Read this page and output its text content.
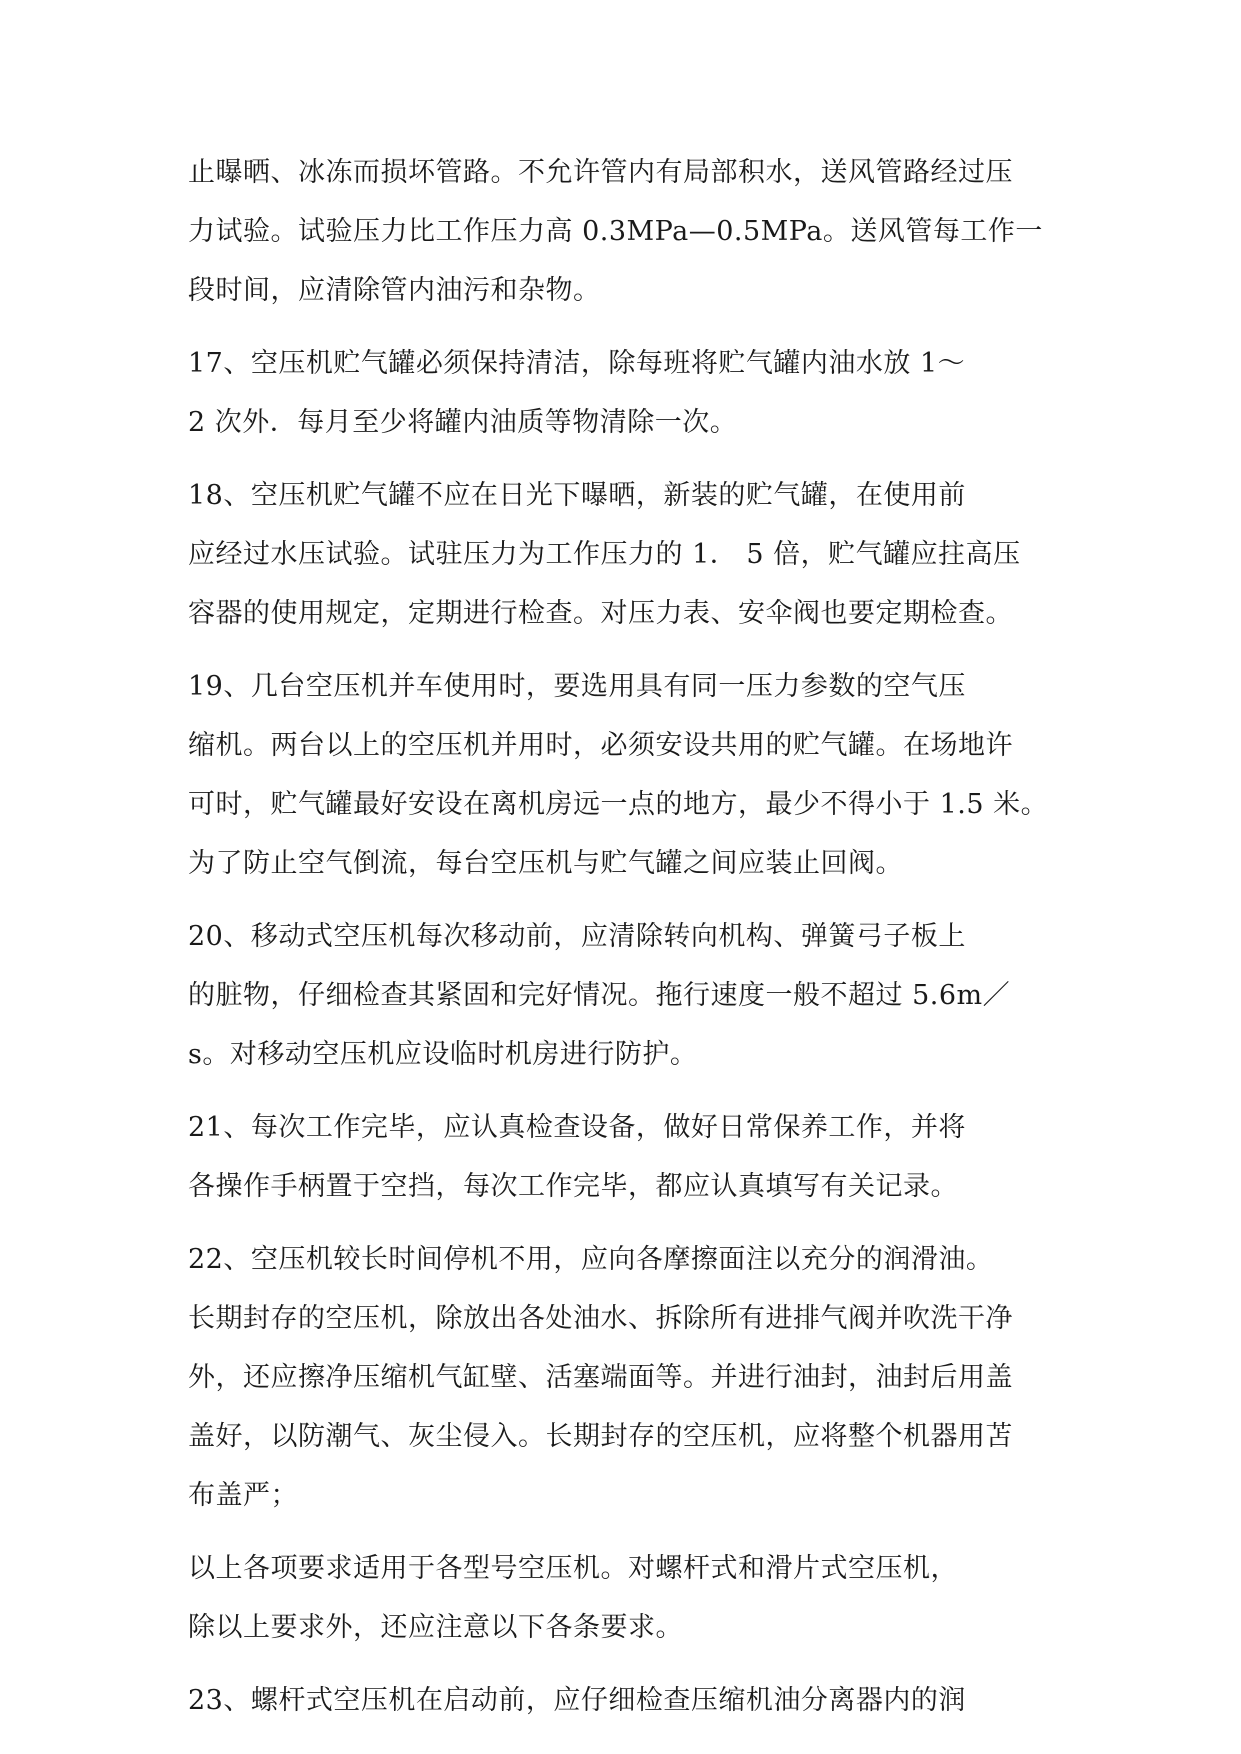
止曝晒、冰冻而损坏管路。不允许管内有局部积水，送风管路经过压
力试验。试验压力比工作压力高 0.3MPa—0.5MPa。送风管每工作一
段时间，应清除管内油污和杂物。
17、空压机贮气罐必须保持清洁，除每班将贮气罐内油水放 1～
2 次外．每月至少将罐内油质等物清除一次。
18、空压机贮气罐不应在日光下曝晒，新装的贮气罐，在使用前
应经过水压试验。试驻压力为工作压力的 1． 5 倍，贮气罐应拄高压
容器的使用规定，定期进行检查。对压力表、安伞阀也要定期检查。
19、几台空压机并车使用时，要选用具有同一压力参数的空气压
缩机。两台以上的空压机并用时，必须安设共用的贮气罐。在场地许
可时，贮气罐最好安设在离机房远一点的地方，最少不得小于 1.5 米。
为了防止空气倒流，每台空压机与贮气罐之间应装止回阀。
20、移动式空压机每次移动前，应清除转向机构、弹簧弓子板上
的脏物，仔细检查其紧固和完好情况。拖行速度一般不超过 5.6m／
s。对移动空压机应设临时机房进行防护。
21、每次工作完毕，应认真检查设备，做好日常保养工作，并将
各操作手柄置于空挡，每次工作完毕，都应认真填写有关记录。
22、空压机较长时间停机不用，应向各摩擦面注以充分的润滑油。
长期封存的空压机，除放出各处油水、拆除所有进排气阀并吹洗干净
外，还应擦净压缩机气缸壁、活塞端面等。并进行油封，油封后用盖
盖好，以防潮气、灰尘侵入。长期封存的空压机，应将整个机器用苫
布盖严；
以上各项要求适用于各型号空压机。对螺杆式和滑片式空压机，
除以上要求外，还应注意以下各条要求。
23、螺杆式空压机在启动前，应仔细检查压缩机油分离器内的润
